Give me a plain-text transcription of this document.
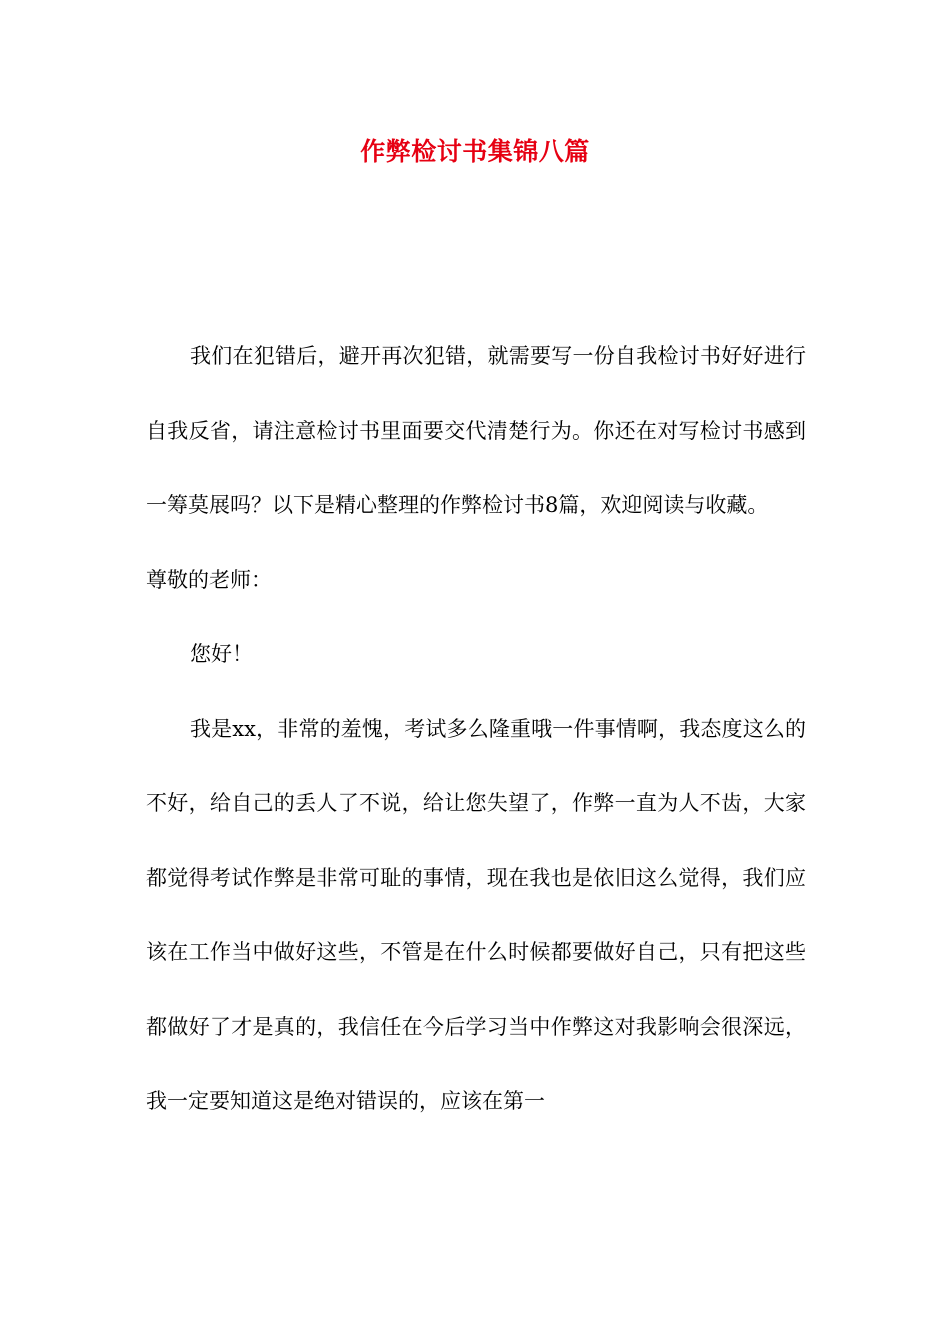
作弊检讨书集锦八篇

我们在犯错后，避开再次犯错，就需要写一份自我检讨书好好进行自我反省，请注意检讨书里面要交代清楚行为。你还在对写检讨书感到一筹莫展吗？以下是精心整理的作弊检讨书8篇，欢迎阅读与收藏。

尊敬的老师：

您好！

我是xx，非常的羞愧，考试多么隆重哦一件事情啊，我态度这么的不好，给自己的丢人了不说，给让您失望了，作弊一直为人不齿，大家都觉得考试作弊是非常可耻的事情，现在我也是依旧这么觉得，我们应该在工作当中做好这些，不管是在什么时候都要做好自己，只有把这些都做好了才是真的，我信任在今后学习当中作弊这对我影响会很深远，我一定要知道这是绝对错误的，应该在第一
